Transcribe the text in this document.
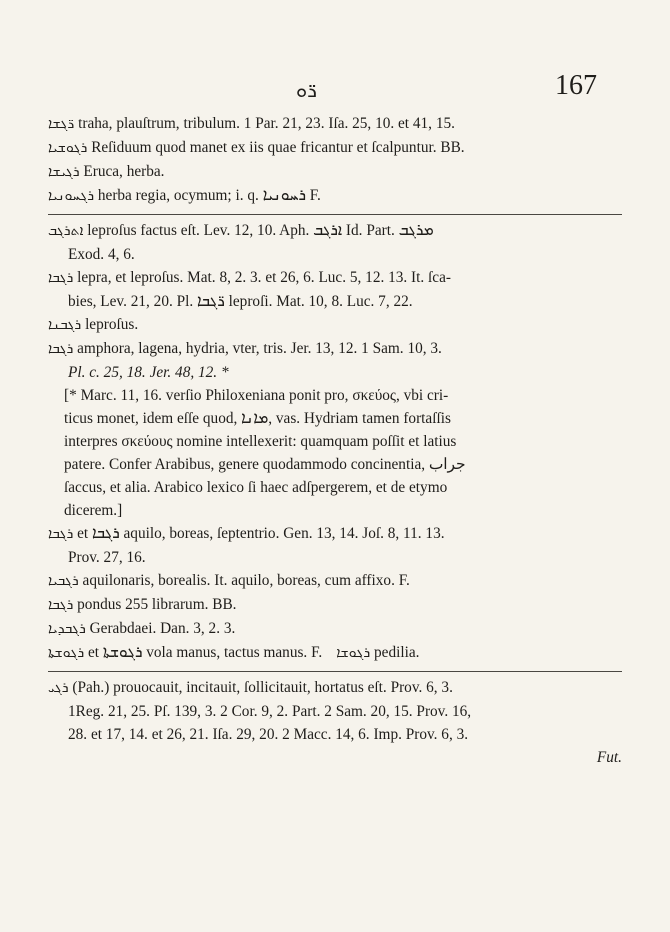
ܪ̈ܘ	167
ܪ̈ܓܫܐ traha, plauſtrum, tribulum. 1 Par. 21, 23. Iſa. 25, 10. et 41, 15.
ܪܓܘܫܝܐ Reſiduum quod manet ex iis quae fricantur et ſcalpuntur. BB.
ܪܓܝܫܐ Eruca, herba.
ܪܓܚܘܢܝܐ herba regia, ocymum; i. q. ܪܚܘܢܝܐ F.
ܐܬܪܓܒ leproſus factus eſt. Lev. 12, 10. Aph. ܐܪܓܒ Id. Part. ܡܪܓܒ
Exod. 4, 6.
ܪܓܒܐ lepra, et leproſus. Mat. 8, 2. 3. et 26, 6. Luc. 5, 12. 13. It. ſca-
bies, Lev. 21, 20. Pl. ܪ̈ܓܒܐ leproſi. Mat. 10, 8. Luc. 7, 22.
ܪܓܒܢܐ leproſus.
ܪܓܒܐ amphora, lagena, hydria, vter, tris. Jer. 13, 12. 1 Sam. 10, 3.
Pl. c. 25, 18. Jer. 48, 12. *
[* Marc. 11, 16. verſio Philoxeniana ponit pro, σκεύος, vbi cri-
ticus monet, idem eſſe quod, ܡܐܢܐ, vas. Hydriam tamen fortaſſis
interpres σκεύους nomine intellexerit: quamquam poſſit et latius
patere. Confer Arabibus, genere quodammodo concinentia, جراب
ſaccus, et alia. Arabico lexico ſi haec adſpergerem, et de etymo
dicerem.]
ܪܓܒܐ et ܪܓܒܐ aquilo, boreas, ſeptentrio. Gen. 13, 14. Joſ. 8, 11. 13.
Prov. 27, 16.
ܪܓܒܝܐ aquilonaris, borealis. It. aquilo, boreas, cum affixo. F.
ܪܓܒܐ pondus 255 librarum. BB.
ܪܓܒܕܝܐ Gerabdaei. Dan. 3, 2. 3.
ܪܓܘܫܬܐ et ܪܓܘܫܬܐ vola manus, tactus manus. F. ܪܓܘܫܐ pedilia.
ܪܓܝ (Pah.) prouocauit, incitauit, ſollicitauit, hortatus eſt. Prov. 6, 3.
1Reg. 21, 25. Pſ. 139, 3. 2 Cor. 9, 2. Part. 2 Sam. 20, 15. Prov. 16,
28. et 17, 14. et 26, 21. Iſa. 29, 20. 2 Macc. 14, 6. Imp. Prov. 6, 3.
Fut.
